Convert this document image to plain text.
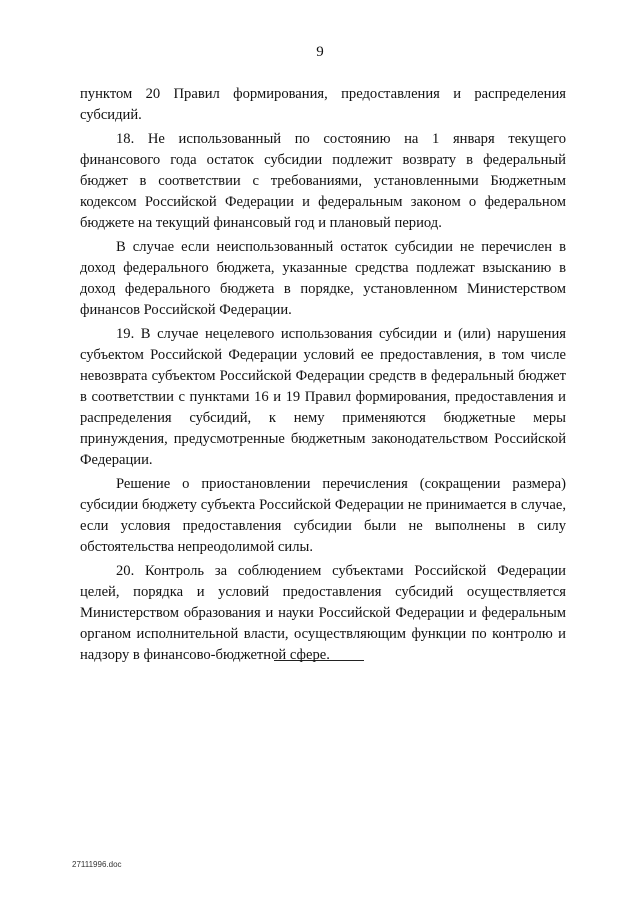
9

пунктом 20 Правил формирования, предоставления и распределения субсидий.

18. Не использованный по состоянию на 1 января текущего финансового года остаток субсидии подлежит возврату в федеральный бюджет в соответствии с требованиями, установленными Бюджетным кодексом Российской Федерации и федеральным законом о федеральном бюджете на текущий финансовый год и плановый период.

В случае если неиспользованный остаток субсидии не перечислен в доход федерального бюджета, указанные средства подлежат взысканию в доход федерального бюджета в порядке, установленном Министерством финансов Российской Федерации.

19. В случае нецелевого использования субсидии и (или) нарушения субъектом Российской Федерации условий ее предоставления, в том числе невозврата субъектом Российской Федерации средств в федеральный бюджет в соответствии с пунктами 16 и 19 Правил формирования, предоставления и распределения субсидий, к нему применяются бюджетные меры принуждения, предусмотренные бюджетным законодательством Российской Федерации.

Решение о приостановлении перечисления (сокращении размера) субсидии бюджету субъекта Российской Федерации не принимается в случае, если условия предоставления субсидии были не выполнены в силу обстоятельства непреодолимой силы.

20. Контроль за соблюдением субъектами Российской Федерации целей, порядка и условий предоставления субсидий осуществляется Министерством образования и науки Российской Федерации и федеральным органом исполнительной власти, осуществляющим функции по контролю и надзору в финансово-бюджетной сфере.

27111996.doc
